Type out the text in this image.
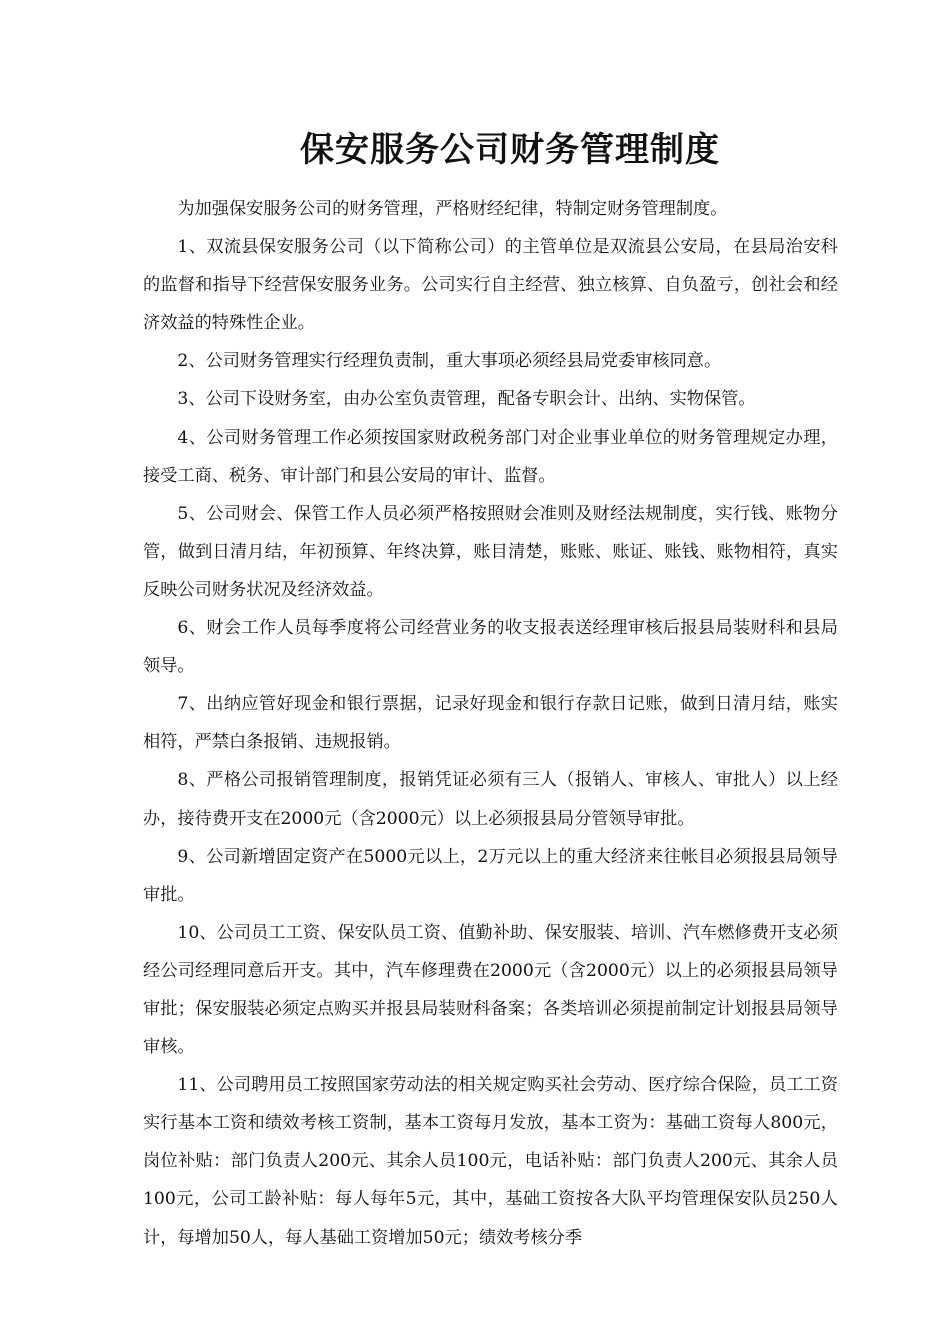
保安服务公司财务管理制度

为加强保安服务公司的财务管理，严格财经纪律，特制定财务管理制度。

1、双流县保安服务公司（以下简称公司）的主管单位是双流县公安局，在县局治安科的监督和指导下经营保安服务业务。公司实行自主经营、独立核算、自负盈亏，创社会和经济效益的特殊性企业。

2、公司财务管理实行经理负责制，重大事项必须经县局党委审核同意。

3、公司下设财务室，由办公室负责管理，配备专职会计、出纳、实物保管。

4、公司财务管理工作必须按国家财政税务部门对企业事业单位的财务管理规定办理，接受工商、税务、审计部门和县公安局的审计、监督。

5、公司财会、保管工作人员必须严格按照财会准则及财经法规制度，实行钱、账物分管，做到日清月结，年初预算、年终决算，账目清楚，账账、账证、账钱、账物相符，真实反映公司财务状况及经济效益。

6、财会工作人员每季度将公司经营业务的收支报表送经理审核后报县局装财科和县局领导。

7、出纳应管好现金和银行票据，记录好现金和银行存款日记账，做到日清月结，账实相符，严禁白条报销、违规报销。

8、严格公司报销管理制度，报销凭证必须有三人（报销人、审核人、审批人）以上经办，接待费开支在2000元（含2000元）以上必须报县局分管领导审批。

9、公司新增固定资产在5000元以上，2万元以上的重大经济来往帐目必须报县局领导审批。

10、公司员工工资、保安队员工资、值勤补助、保安服装、培训、汽车燃修费开支必须经公司经理同意后开支。其中，汽车修理费在2000元（含2000元）以上的必须报县局领导审批；保安服装必须定点购买并报县局装财科备案；各类培训必须提前制定计划报县局领导审核。

11、公司聘用员工按照国家劳动法的相关规定购买社会劳动、医疗综合保险，员工工资实行基本工资和绩效考核工资制，基本工资每月发放，基本工资为：基础工资每人800元，岗位补贴：部门负责人200元、其余人员100元，电话补贴：部门负责人200元、其余人员100元，公司工龄补贴：每人每年5元，其中，基础工资按各大队平均管理保安队员250人计，每增加50人，每人基础工资增加50元；绩效考核分季
